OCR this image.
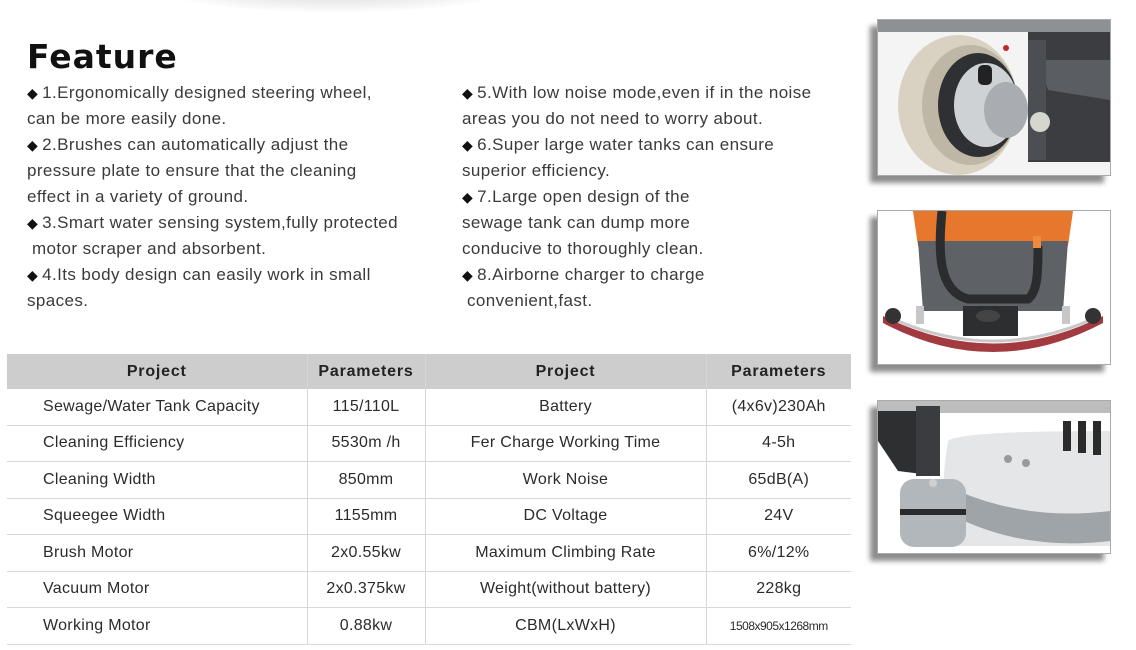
Feature

◆ 1.Ergonomically designed steering wheel,
can be more easily done.

◆ 2.Brushes can automatically adjust the
pressure plate to ensure that the cleaning
effect in a variety of ground.

◆ 3.Smart water sensing system,fully protected
motor scraper and absorbent.

◆ 4.Its body design can easily work in small
spaces.

◆ 5.With low noise mode,even if in the noise
areas you do not need to worry about.

◆ 6.Super large water tanks can ensure
superior efficiency.

◆ 7.Large open design of the
sewage tank can dump more
conducive to thoroughly clean.

◆ 8.Airborne charger to charge
convenient,fast.

Project	Parameters	Project	Parameters
Sewage/Water Tank Capacity	115/110L	Battery	(4x6v)230Ah
Cleaning Efficiency	5530m /h	Fer Charge Working Time	4-5h
Cleaning Width	850mm	Work Noise	65dB(A)
Squeegee Width	1155mm	DC Voltage	24V
Brush Motor	2x0.55kw	Maximum Climbing Rate	6%/12%
Vacuum Motor	2x0.375kw	Weight(without battery)	228kg
Working Motor	0.88kw	CBM(LxWxH)	1508x905x1268mm
